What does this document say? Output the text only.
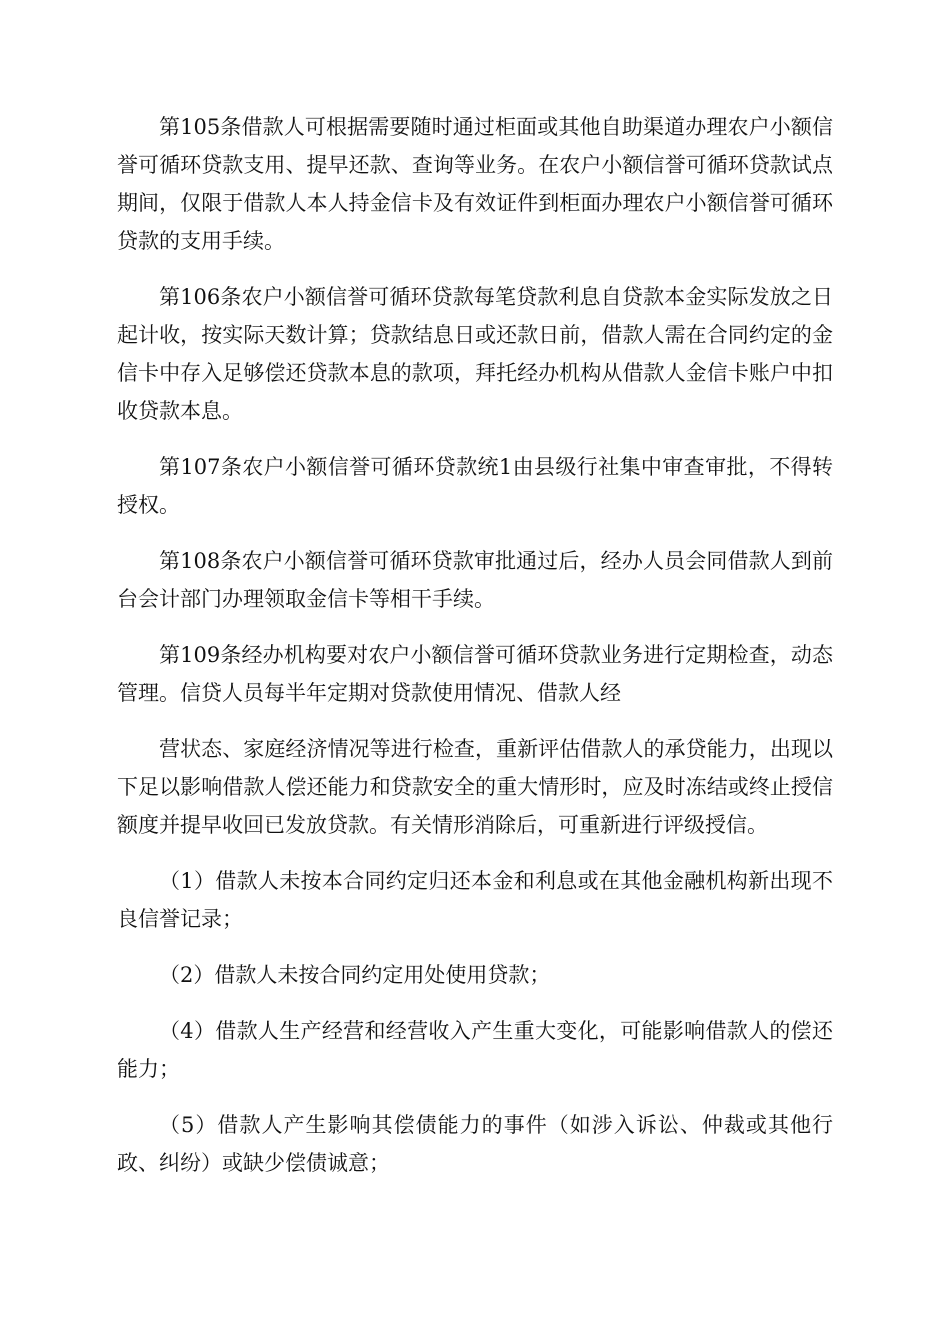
第105条借款人可根据需要随时通过柜面或其他自助渠道办理农户小额信誉可循环贷款支用、提早还款、查询等业务。在农户小额信誉可循环贷款试点期间，仅限于借款人本人持金信卡及有效证件到柜面办理农户小额信誉可循环贷款的支用手续。

第106条农户小额信誉可循环贷款每笔贷款利息自贷款本金实际发放之日起计收，按实际天数计算；贷款结息日或还款日前，借款人需在合同约定的金信卡中存入足够偿还贷款本息的款项，拜托经办机构从借款人金信卡账户中扣收贷款本息。

第107条农户小额信誉可循环贷款统1由县级行社集中审查审批，不得转授权。

第108条农户小额信誉可循环贷款审批通过后，经办人员会同借款人到前台会计部门办理领取金信卡等相干手续。

第109条经办机构要对农户小额信誉可循环贷款业务进行定期检查，动态管理。信贷人员每半年定期对贷款使用情况、借款人经

营状态、家庭经济情况等进行检查，重新评估借款人的承贷能力，出现以下足以影响借款人偿还能力和贷款安全的重大情形时，应及时冻结或终止授信额度并提早收回已发放贷款。有关情形消除后，可重新进行评级授信。

（1）借款人未按本合同约定归还本金和利息或在其他金融机构新出现不良信誉记录；

（2）借款人未按合同约定用处使用贷款；

（4）借款人生产经营和经营收入产生重大变化，可能影响借款人的偿还能力；

（5）借款人产生影响其偿债能力的事件（如涉入诉讼、仲裁或其他行政、纠纷）或缺少偿债诚意；
